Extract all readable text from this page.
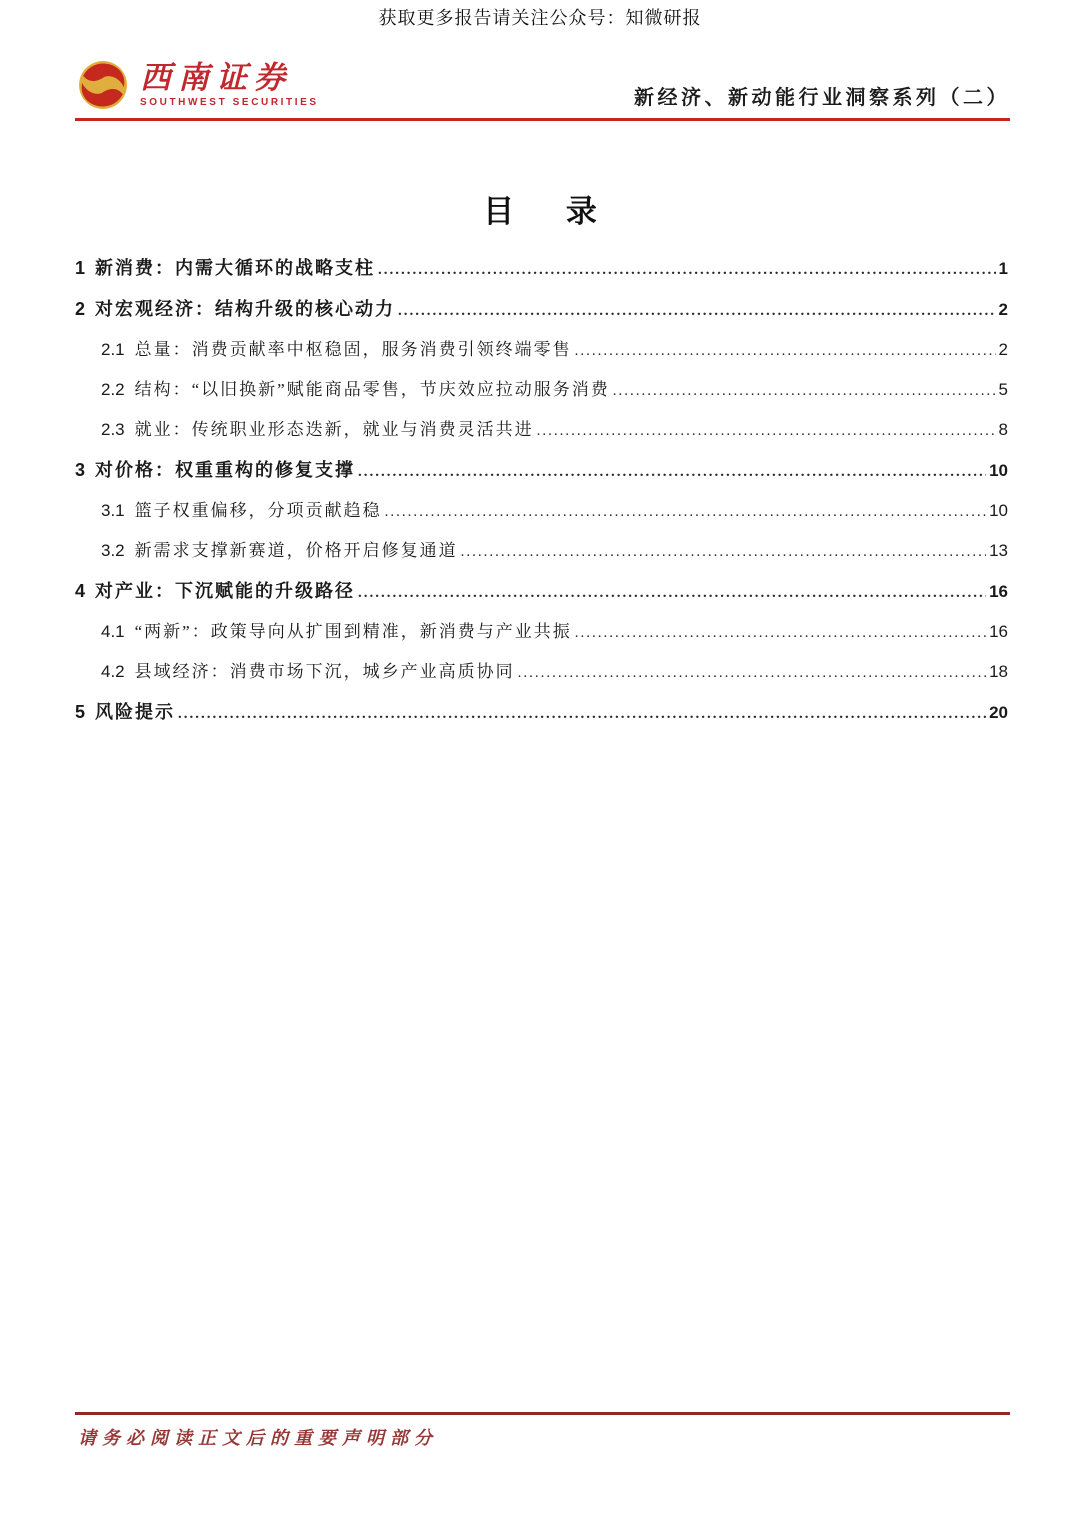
获取更多报告请关注公众号：知微研报
西南证券
SOUTHWEST SECURITIES	新经济、新动能行业洞察系列（二）
目 录
1 新消费：内需大循环的战略支柱 .....	1
2 对宏观经济：结构升级的核心动力 .....	2
2.1 总量：消费贡献率中枢稳固，服务消费引领终端零售 .....	2
2.2 结构：“以旧换新”赋能商品零售，节庆效应拉动服务消费 .....	5
2.3 就业：传统职业形态迭新，就业与消费灵活共进 .....	8
3 对价格：权重重构的修复支撑 .....	10
3.1 篮子权重偏移，分项贡献趋稳 .....	10
3.2 新需求支撑新赛道，价格开启修复通道 .....	13
4 对产业：下沉赋能的升级路径 .....	16
4.1 “两新”：政策导向从扩围到精准，新消费与产业共振 .....	16
4.2 县域经济：消费市场下沉，城乡产业高质协同 .....	18
5 风险提示 .....	20
请务必阅读正文后的重要声明部分
